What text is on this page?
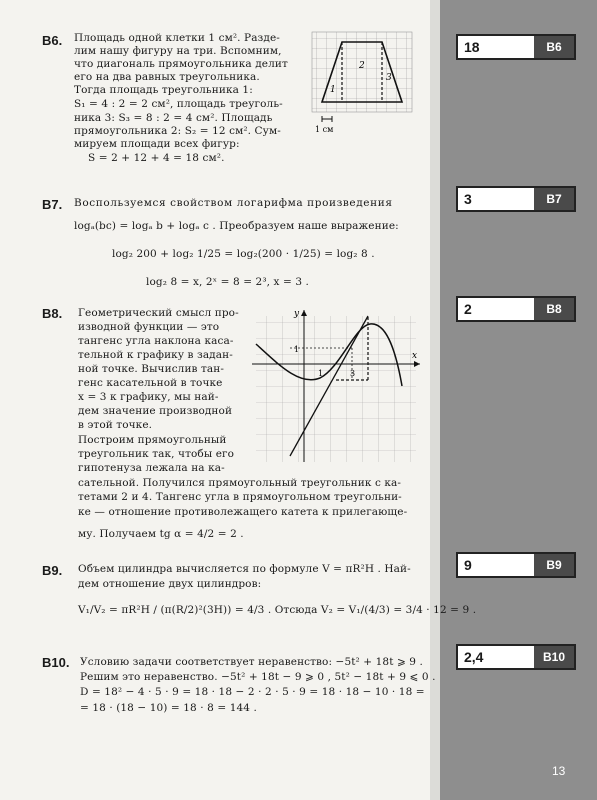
18	B6
3	B7
2	B8
9	B9
2,4	B10
13
B6. Площадь одной клетки 1 см². Разде-
лим нашу фигуру на три. Вспомним,
что диагональ прямоугольника делит
его на два равных треугольника.
Тогда площадь треугольника 1:
S₁ = 4 : 2 = 2 см², площадь треуголь-
ника 3: S₃ = 8 : 2 = 4 см². Площадь
прямоугольника 2: S₂ = 12 см². Сум-
мируем площади всех фигур:
S = 2 + 12 + 4 = 18 см².
1
2
3
1 см
B7. Воспользуемся свойством логарифма произведения
logₐ(bc) = logₐ b + logₐ c . Преобразуем наше выражение:
log₂ 200 + log₂ 1/25 = log₂(200 · 1/25) = log₂ 8 .
log₂ 8 = x, 2ˣ = 8 = 2³, x = 3 .
B8. Геометрический смысл про-
изводной функции — это
тангенс угла наклона каса-
тельной к графику в задан-
ной точке. Вычислив тан-
генс касательной в точке
x = 3 к графику, мы най-
дем значение производной
в этой точке.
Построим прямоугольный
треугольник так, чтобы его
гипотенуза лежала на ка-
сательной. Получился прямоугольный треугольник с ка-
тетами 2 и 4. Тангенс угла в прямоугольном треугольни-
ке — отношение противолежащего катета к прилегающе-
му. Получаем tg α = 4/2 = 2 .
x
y
1
1	3
B9. Объем цилиндра вычисляется по формуле V = πR²H . Най-
дем отношение двух цилиндров:
V₁/V₂ = πR²H / (π(R/2)²(3H)) = 4/3 . Отсюда V₂ = V₁/(4/3) = 3/4 · 12 = 9 .
B10. Условию задачи соответствует неравенство: −5t² + 18t ⩾ 9 .
Решим это неравенство. −5t² + 18t − 9 ⩾ 0 , 5t² − 18t + 9 ⩽ 0 .
D = 18² − 4 · 5 · 9 = 18 · 18 − 2 · 2 · 5 · 9 = 18 · 18 − 10 · 18 =
= 18 · (18 − 10) = 18 · 8 = 144 .
